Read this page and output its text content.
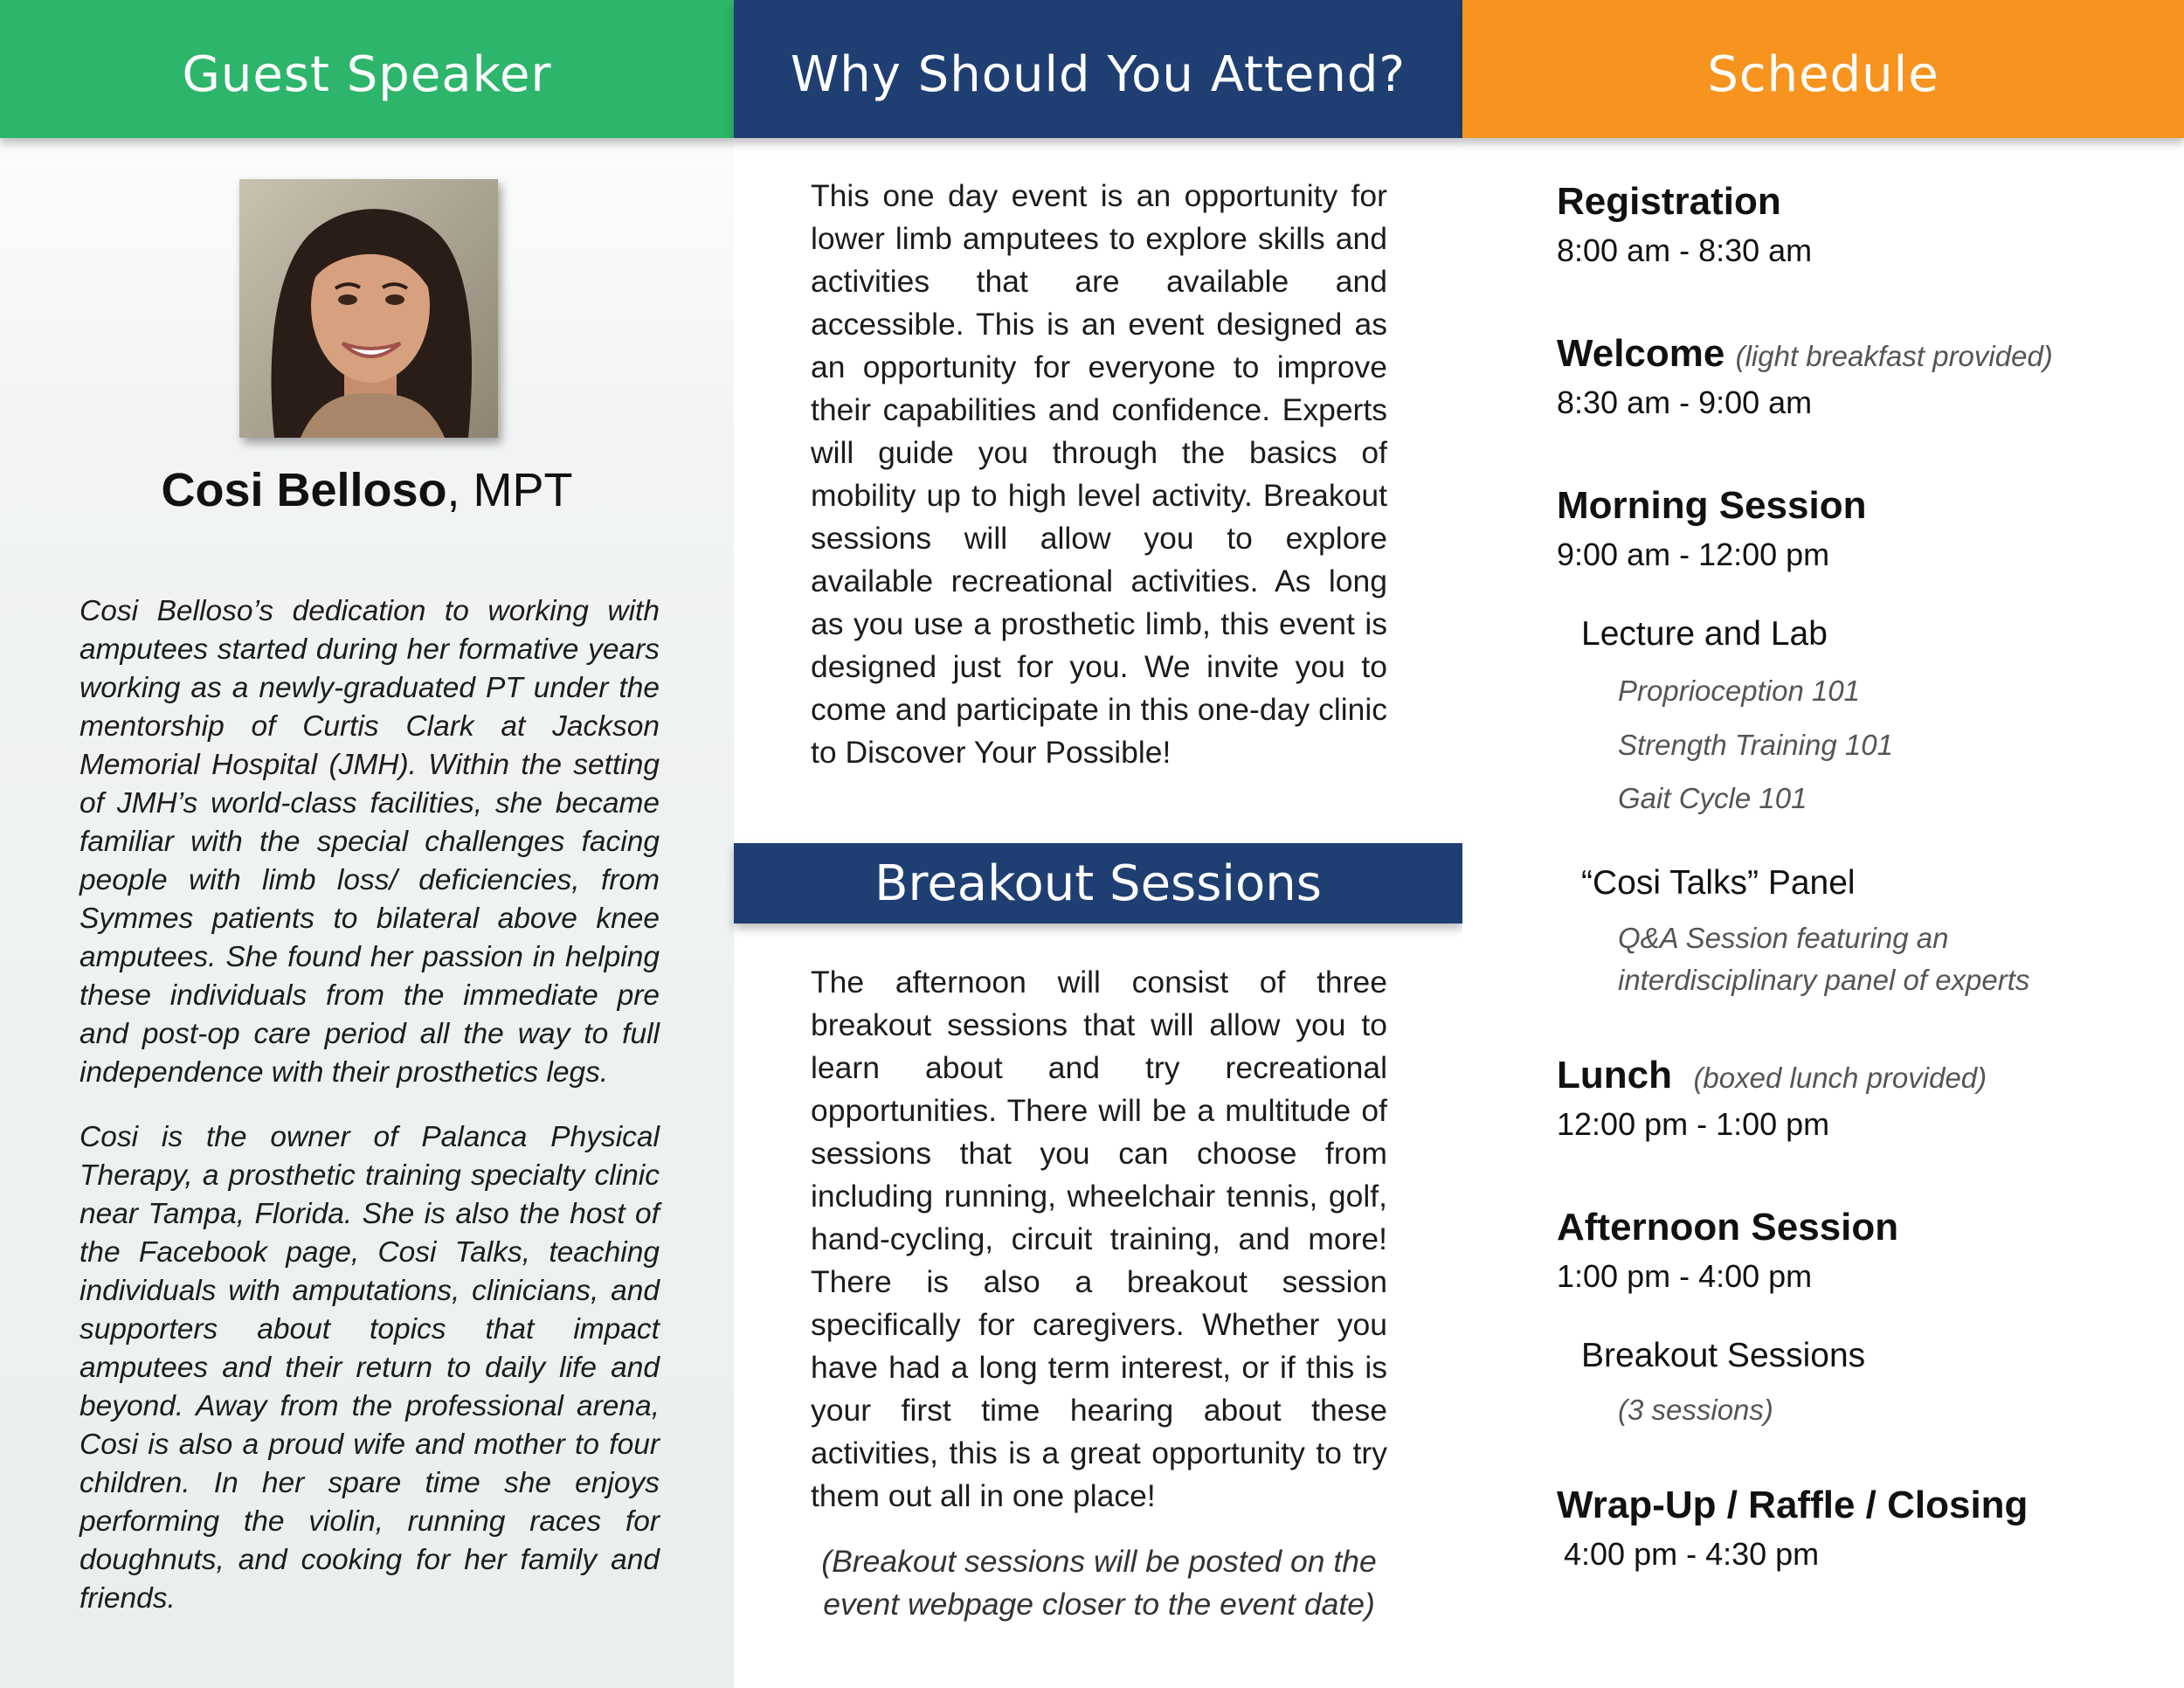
Guest Speaker
Cosi Belloso, MPT

Cosi Belloso’s dedication to working with amputees started during her formative years working as a newly-graduated PT under the mentorship of Curtis Clark at Jackson Memorial Hospital (JMH). Within the setting of JMH’s world-class facilities, she became familiar with the special challenges facing people with limb loss/ deficiencies, from Symmes patients to bilateral above knee amputees. She found her passion in helping these individuals from the immediate pre and post-op care period all the way to full independence with their prosthetics legs.

Cosi is the owner of Palanca Physical Therapy, a prosthetic training specialty clinic near Tampa, Florida. She is also the host of the Facebook page, Cosi Talks, teaching individuals with amputations, clinicians, and supporters about topics that impact amputees and their return to daily life and beyond. Away from the professional arena, Cosi is also a proud wife and mother to four children. In her spare time she enjoys performing the violin, running races for doughnuts, and cooking for her family and friends.

Why Should You Attend?

This one day event is an opportunity for lower limb amputees to explore skills and activities that are available and accessible. This is an event designed as an opportunity for everyone to improve their capabilities and confidence. Experts will guide you through the basics of mobility up to high level activity. Breakout sessions will allow you to explore available recreational activities. As long as you use a prosthetic limb, this event is designed just for you. We invite you to come and participate in this one-day clinic to Discover Your Possible!

Breakout Sessions

The afternoon will consist of three breakout sessions that will allow you to learn about and try recreational opportunities. There will be a multitude of sessions that you can choose from including running, wheelchair tennis, golf, hand-cycling, circuit training, and more! There is also a breakout session specifically for caregivers. Whether you have had a long term interest, or if this is your first time hearing about these activities, this is a great opportunity to try them out all in one place!

(Breakout sessions will be posted on the event webpage closer to the event date)

Schedule
Registration
8:00 am - 8:30 am
Welcome (light breakfast provided)
8:30 am - 9:00 am
Morning Session
9:00 am - 12:00 pm
Lecture and Lab
Proprioception 101
Strength Training 101
Gait Cycle 101
“Cosi Talks” Panel
Q&A Session featuring an
interdisciplinary panel of experts
Lunch (boxed lunch provided)
12:00 pm - 1:00 pm
Afternoon Session
1:00 pm - 4:00 pm
Breakout Sessions
(3 sessions)
Wrap-Up / Raffle / Closing
4:00 pm - 4:30 pm
